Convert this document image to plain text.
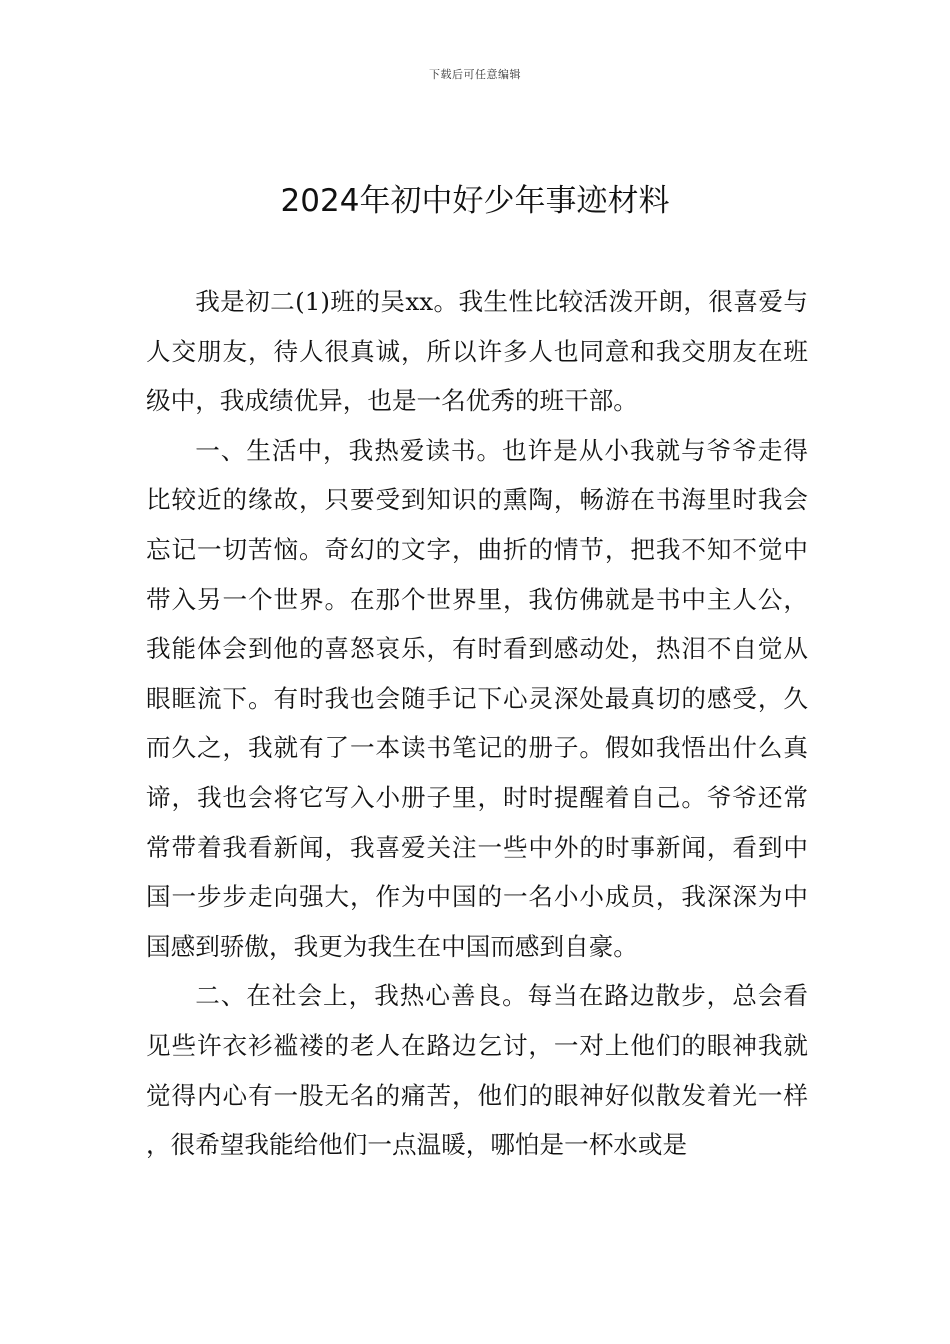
下载后可任意编辑
2024年初中好少年事迹材料

我是初二(1)班的吴xx。我生性比较活泼开朗，很喜爱与人交朋友，待人很真诚，所以许多人也同意和我交朋友在班级中，我成绩优异，也是一名优秀的班干部。

一、生活中，我热爱读书。也许是从小我就与爷爷走得比较近的缘故，只要受到知识的熏陶，畅游在书海里时我会忘记一切苦恼。奇幻的文字，曲折的情节，把我不知不觉中带入另一个世界。在那个世界里，我仿佛就是书中主人公，我能体会到他的喜怒哀乐，有时看到感动处，热泪不自觉从眼眶流下。有时我也会随手记下心灵深处最真切的感受，久而久之，我就有了一本读书笔记的册子。假如我悟出什么真谛，我也会将它写入小册子里，时时提醒着自己。爷爷还常常带着我看新闻，我喜爱关注一些中外的时事新闻，看到中国一步步走向强大，作为中国的一名小小成员，我深深为中国感到骄傲，我更为我生在中国而感到自豪。

二、在社会上，我热心善良。每当在路边散步，总会看见些许衣衫褴褛的老人在路边乞讨，一对上他们的眼神我就觉得内心有一股无名的痛苦，他们的眼神好似散发着光一样，很希望我能给他们一点温暖，哪怕是一杯水或是
